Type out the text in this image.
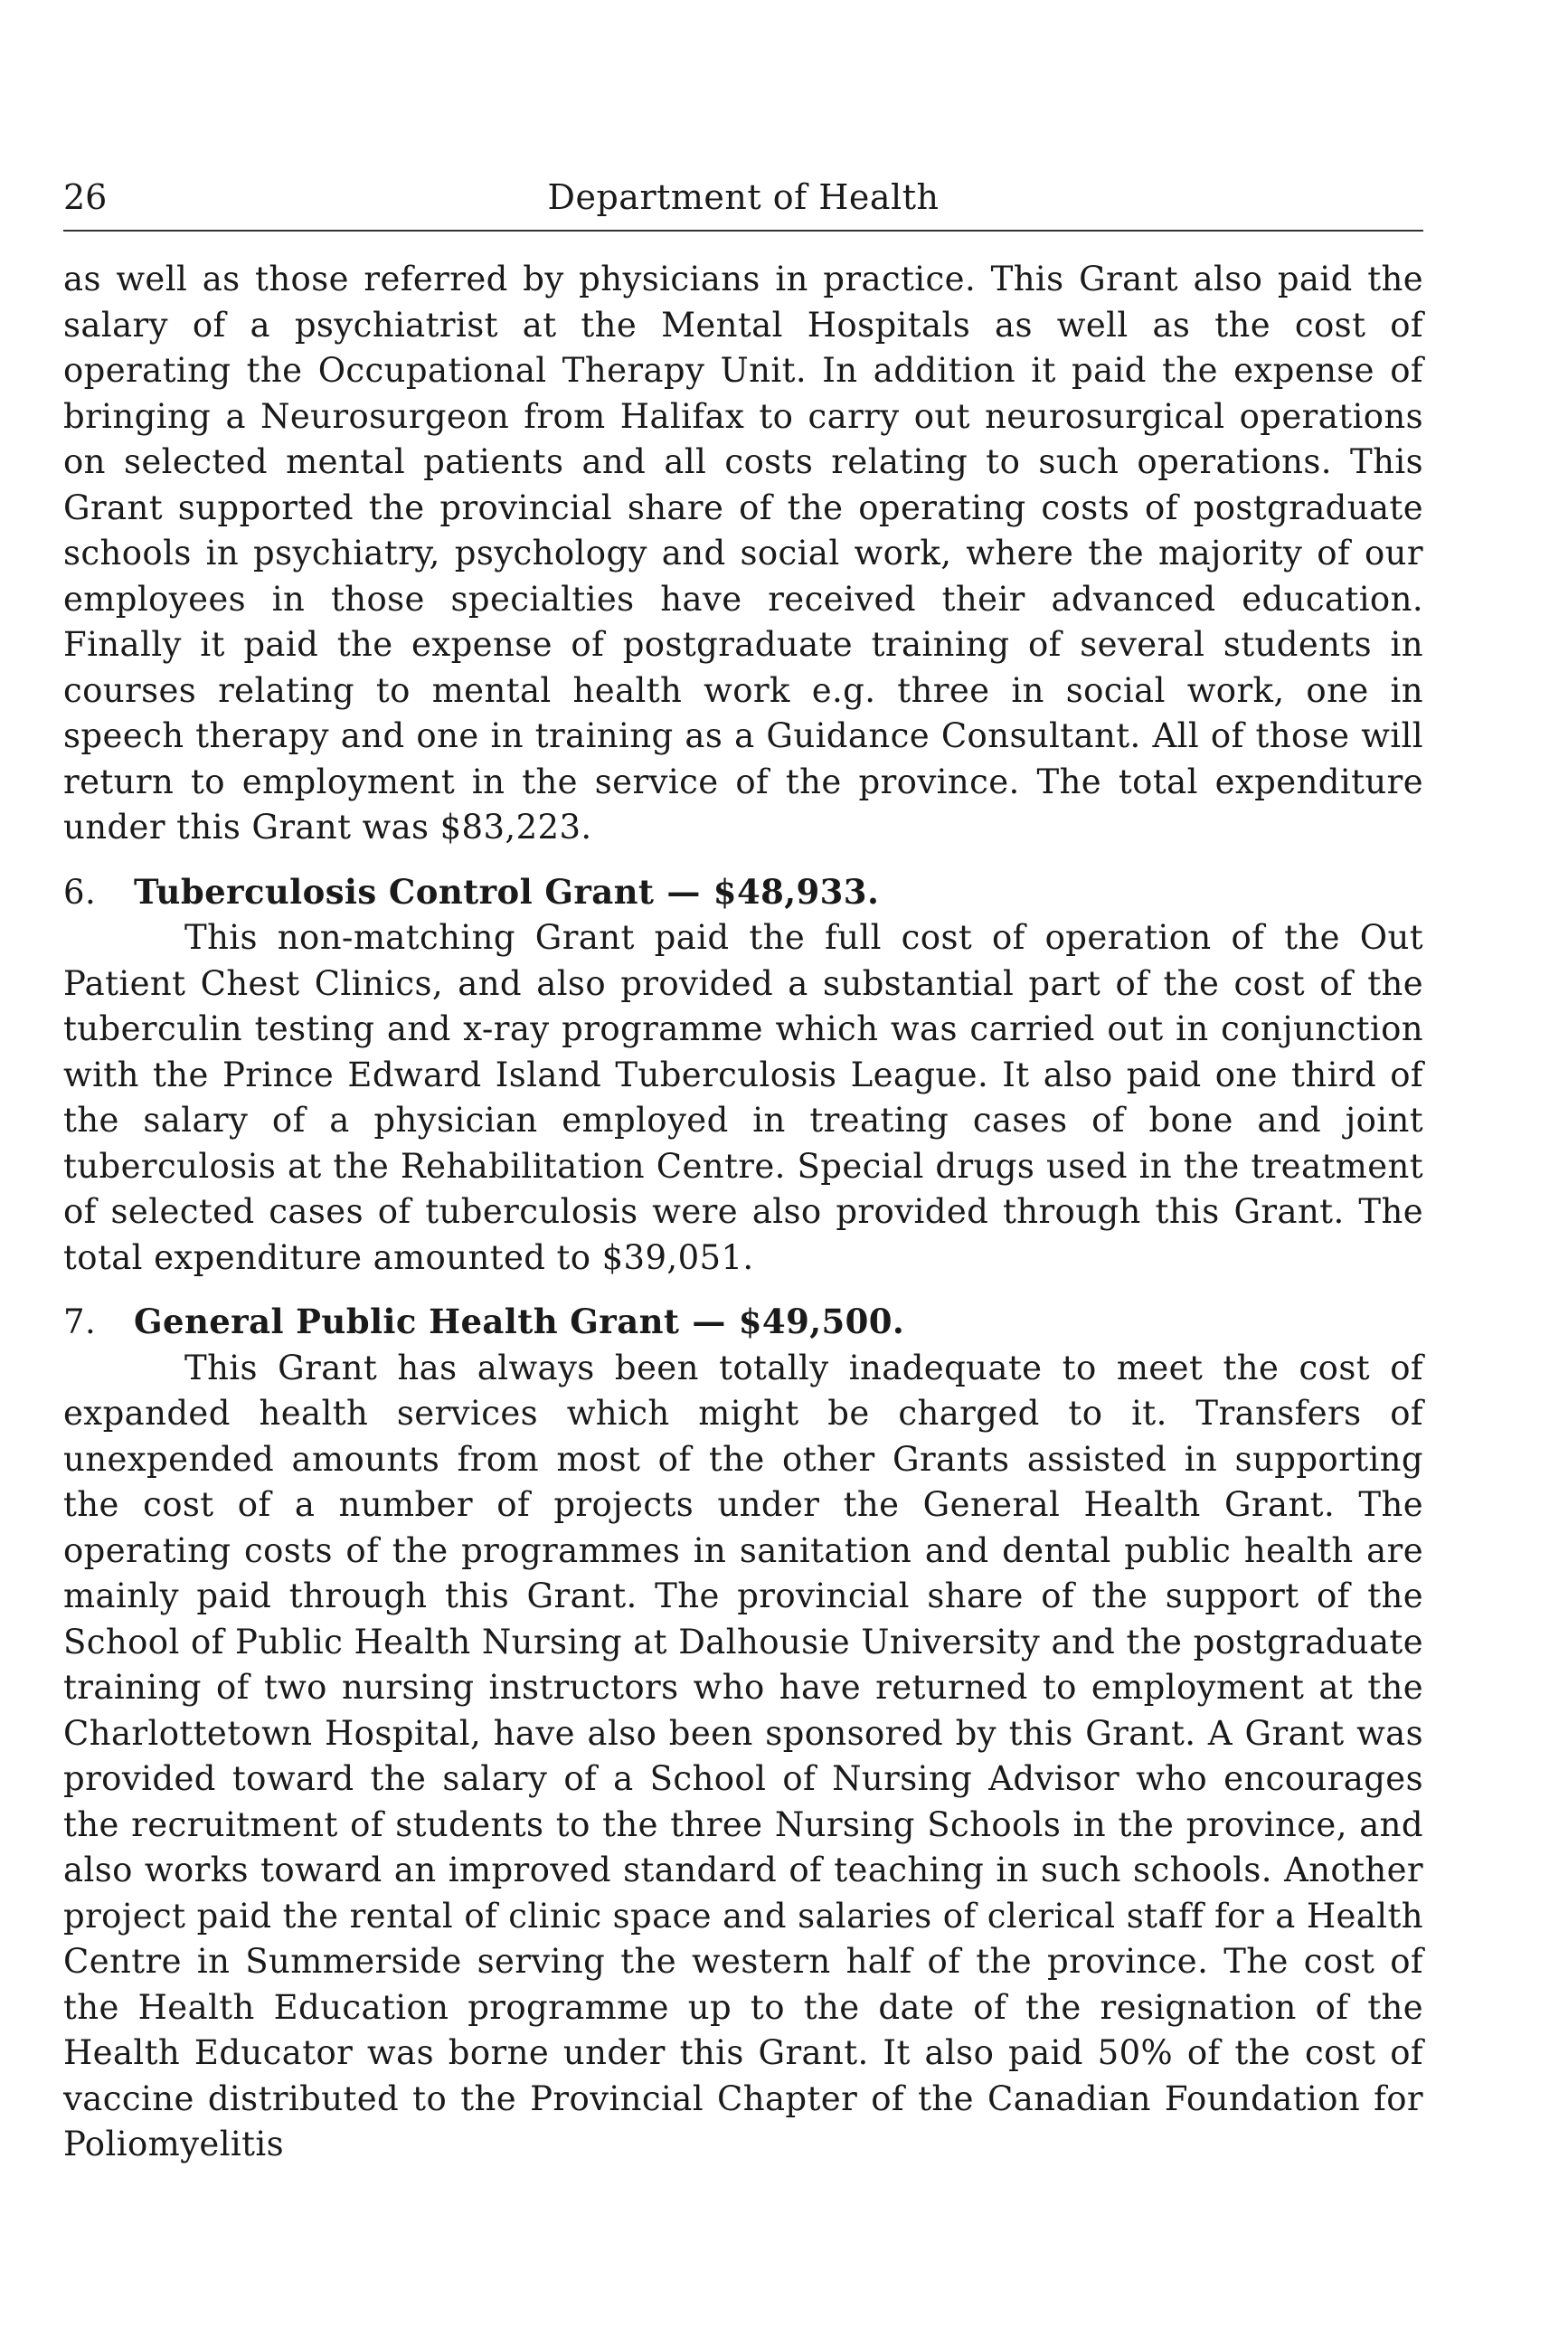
26	Department of Health

as well as those referred by physicians in practice. This Grant also paid the salary of a psychiatrist at the Mental Hospitals as well as the cost of operating the Occupational Therapy Unit. In addition it paid the expense of bringing a Neurosurgeon from Halifax to carry out neurosurgical operations on selected mental patients and all costs relating to such operations. This Grant supported the provincial share of the operating costs of postgraduate schools in psychiatry, psychology and social work, where the majority of our employees in those specialties have received their advanced education. Finally it paid the expense of postgraduate training of several students in courses relating to mental health work e.g. three in social work, one in speech therapy and one in training as a Guidance Consultant. All of those will return to employment in the service of the province. The total expenditure under this Grant was $83,223.

6. Tuberculosis Control Grant — $48,933.

This non-matching Grant paid the full cost of operation of the Out Patient Chest Clinics, and also provided a substantial part of the cost of the tuberculin testing and x-ray programme which was carried out in conjunction with the Prince Edward Island Tuberculosis League. It also paid one third of the salary of a physician employed in treating cases of bone and joint tuberculosis at the Rehabilitation Centre. Special drugs used in the treatment of selected cases of tuberculosis were also provided through this Grant. The total expenditure amounted to $39,051.

7. General Public Health Grant — $49,500.

This Grant has always been totally inadequate to meet the cost of expanded health services which might be charged to it. Transfers of unexpended amounts from most of the other Grants assisted in supporting the cost of a number of projects under the General Health Grant. The operating costs of the programmes in sanitation and dental public health are mainly paid through this Grant. The provincial share of the support of the School of Public Health Nursing at Dalhousie University and the postgraduate training of two nursing instructors who have returned to employment at the Charlottetown Hospital, have also been sponsored by this Grant. A Grant was provided toward the salary of a School of Nursing Advisor who encourages the recruitment of students to the three Nursing Schools in the province, and also works toward an improved standard of teaching in such schools. Another project paid the rental of clinic space and salaries of clerical staff for a Health Centre in Summerside serving the western half of the province. The cost of the Health Education programme up to the date of the resignation of the Health Educator was borne under this Grant. It also paid 50% of the cost of vaccine distributed to the Provincial Chapter of the Canadian Foundation for Poliomyelitis
